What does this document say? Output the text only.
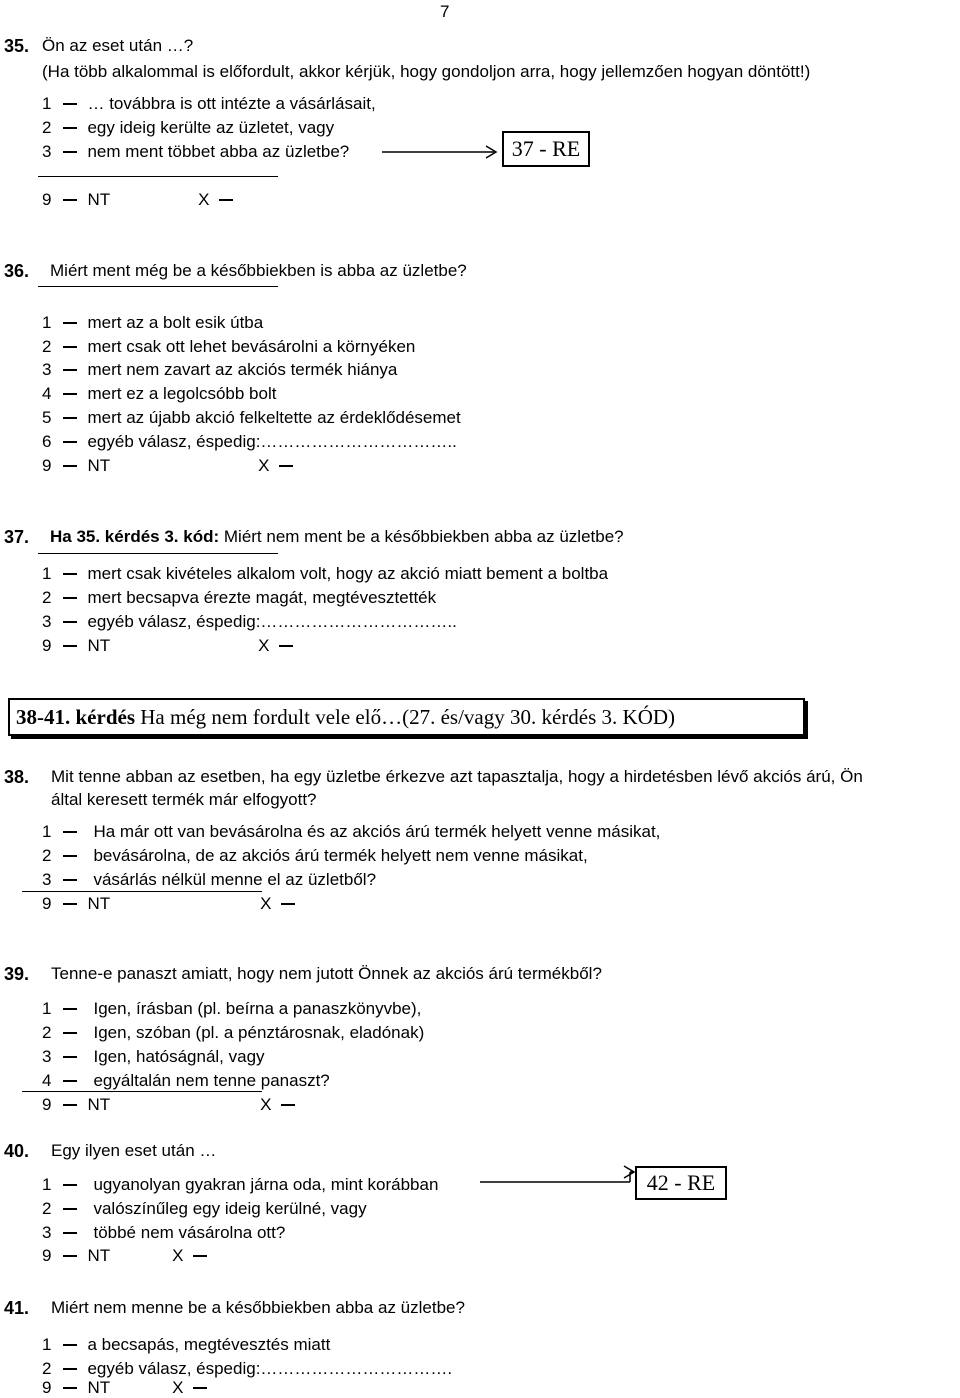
7
35. Ön az eset után …?
(Ha több alkalommal is előfordult, akkor kérjük, hogy gondoljon arra, hogy jellemzően hogyan döntött!)
1 … továbbra is ott intézte a vásárlásait,
2 egy ideig kerülte az üzletet, vagy
3 nem ment többet abba az üzletbe?	37 - RE
9 NT	X
36. Miért ment még be a későbbiekben is abba az üzletbe?
1 mert az a bolt esik útba
2 mert csak ott lehet bevásárolni a környéken
3 mert nem zavart az akciós termék hiánya
4 mert ez a legolcsóbb bolt
5 mert az újabb akció felkeltette az érdeklődésemet
6 egyéb válasz, éspedig:……………………………..
9 NT	X
37. Ha 35. kérdés 3. kód: Miért nem ment be a későbbiekben abba az üzletbe?
1 mert csak kivételes alkalom volt, hogy az akció miatt bement a boltba
2 mert becsapva érezte magát, megtévesztették
3 egyéb válasz, éspedig:……………………………..
9 NT	X
38-41. kérdés
Ha még nem fordult vele elő…(27. és/vagy 30. kérdés 3. KÓD)
38. Mit tenne abban az esetben, ha egy üzletbe érkezve azt tapasztalja, hogy a hirdetésben lévő akciós árú, Ön
által keresett termék már elfogyott?
1 Ha már ott van bevásárolna és az akciós árú termék helyett venne másikat,
2 bevásárolna, de az akciós árú termék helyett nem venne másikat,
3 vásárlás nélkül menne el az üzletből?
9 NT	X
39. Tenne-e panaszt amiatt, hogy nem jutott Önnek az akciós árú termékből?
1 Igen, írásban (pl. beírna a panaszkönyvbe),
2 Igen, szóban (pl. a pénztárosnak, eladónak)
3 Igen, hatóságnál, vagy
4 egyáltalán nem tenne panaszt?
9 NT	X
40. Egy ilyen eset után …
1 ugyanolyan gyakran járna oda, mint korábban	42 - RE
2 valószínűleg egy ideig kerülné, vagy
3 többé nem vásárolna ott?
9 NT	X
41. Miért nem menne be a későbbiekben abba az üzletbe?
1 a becsapás, megtévesztés miatt
2 egyéb válasz, éspedig:…………………………….
9 NT	X
